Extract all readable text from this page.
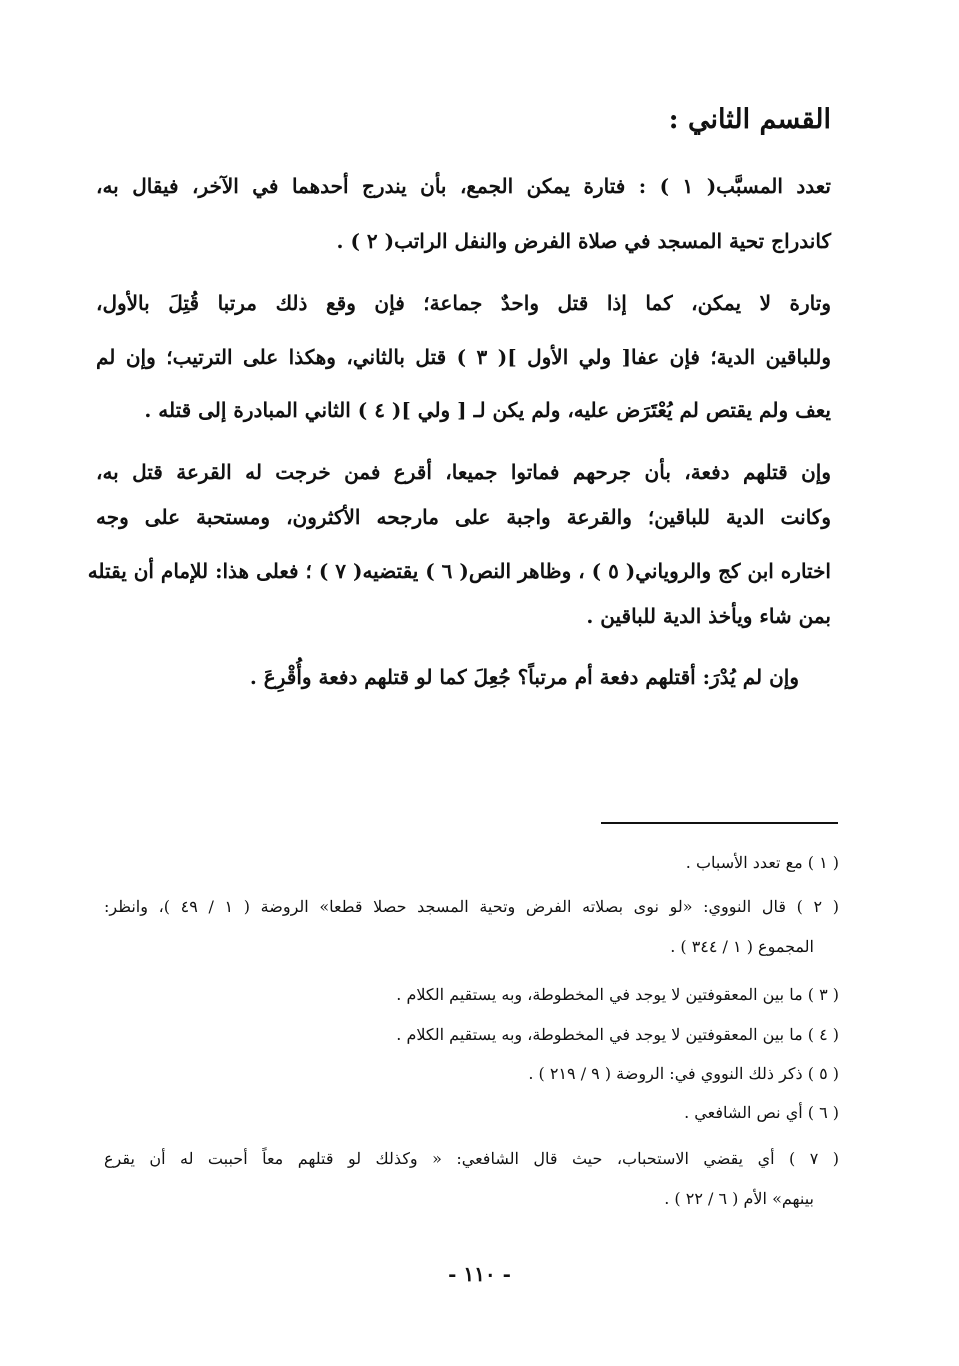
القسم الثاني :
تعدد المسبَّب( ١ ) : فتارة يمكن الجمع، بأن يندرج أحدهما في الآخر، فيقال به،
كاندراج تحية المسجد في صلاة الفرض والنفل الراتب( ٢ ) .
وتارة لا يمكن، كما إذا قتل واحدٌ جماعة؛ فإن وقع ذلك مرتبا قُتِلَ بالأول،
وللباقين الدية؛ فإن عفا[ ولي الأول ]( ٣ ) قتل بالثاني، وهكذا على الترتيب؛ وإن لم
يعف ولم يقتص لم يُعْتَرَض عليه، ولم يكن لـ [ ولي ]( ٤ ) الثاني المبادرة إلى قتله .
وإن قتلهم دفعة، بأن جرحهم فماتوا جميعا، أقرع فمن خرجت له القرعة قتل به،
وكانت الدية للباقين؛ والقرعة واجبة على مارجحه الأكثرون، ومستحبة على وجه
اختاره ابن كج والروياني( ٥ ) ، وظاهر النص( ٦ ) يقتضيه( ٧ ) ؛ فعلى هذا: للإمام أن يقتله
بمن شاء ويأخذ الدية للباقين .
وإن لم يُدْرَ: أقتلهم دفعة أم مرتباً؟ جُعِلَ كما لو قتلهم دفعة وأُقْرِعَ .
( ١ ) مع تعدد الأسباب .
( ٢ ) قال النووي: «لو نوى بصلاته الفرض وتحية المسجد حصلا قطعا» الروضة ( ١ / ٤٩ )، وانظر:
المجموع ( ١ / ٣٤٤ ) .
( ٣ ) ما بين المعقوفتين لا يوجد في المخطوطة، وبه يستقيم الكلام .
( ٤ ) ما بين المعقوفتين لا يوجد في المخطوطة، وبه يستقيم الكلام .
( ٥ ) ذكر ذلك النووي في: الروضة ( ٩ / ٢١٩ ) .
( ٦ ) أي نص الشافعي .
( ٧ ) أي يقضي الاستحباب، حيث قال الشافعي: « وكذلك لو قتلهم معاً أحببت له أن يقرع
بينهم» الأم ( ٦ / ٢٢ ) .
- ١١٠ -
